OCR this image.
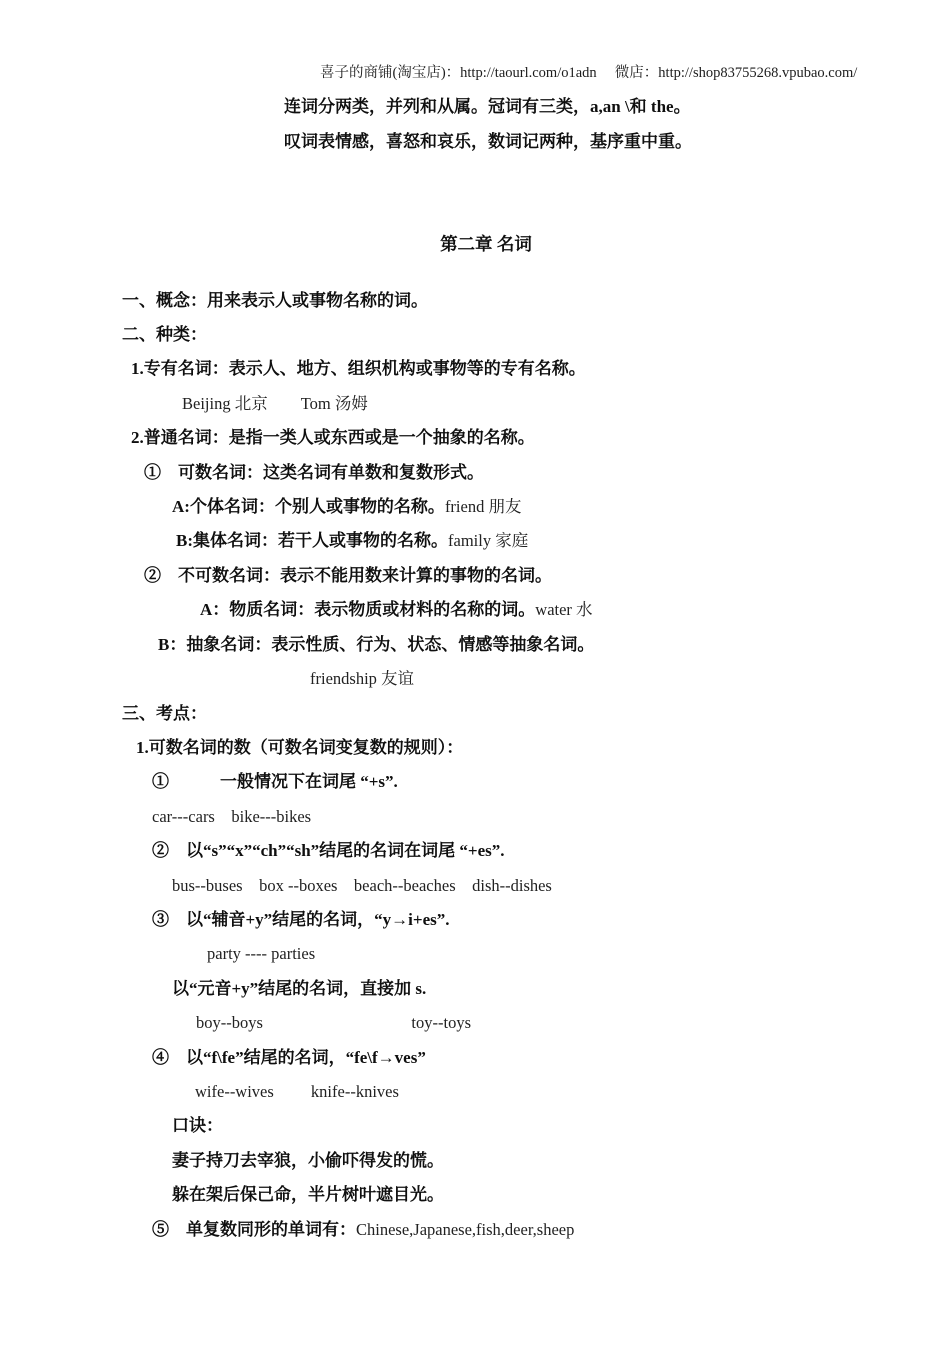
喜子的商铺(淘宝店)：http://taourl.com/o1adn　 微店：http://shop83755268.vpubao.com/

连词分两类，并列和从属。冠词有三类，a,an \和 the。

叹词表情感，喜怒和哀乐，数词记两种，基序重中重。

第二章 名词

一、概念：用来表示人或事物名称的词。

二、种类：

1.专有名词：表示人、地方、组织机构或事物等的专有名称。

Beijing 北京　　Tom 汤姆

2.普通名词：是指一类人或东西或是一个抽象的名称。

①　可数名词：这类名词有单数和复数形式。

A:个体名词：个别人或事物的名称。friend 朋友

B:集体名词：若干人或事物的名称。family 家庭

②　不可数名词：表示不能用数来计算的事物的名词。

A：物质名词：表示物质或材料的名称的词。water 水

B：抽象名词：表示性质、行为、状态、情感等抽象名词。

friendship 友谊

三、考点：

1.可数名词的数（可数名词变复数的规则）：

①　　　一般情况下在词尾 “+s”.

car---cars　bike---bikes

②　以“s”“x”“ch”“sh”结尾的名词在词尾 “+es”.

bus--buses　box --boxes　beach--beaches　dish--dishes

③　以“辅音+y”结尾的名词，“y→i+es”.

party ---- parties

以“元音+y”结尾的名词，直接加 s.

boy--boys　　　　　　　　　toy--toys

④　以“f\fe”结尾的名词，“fe\f→ves”

wife--wives　　 knife--knives

口诀：

妻子持刀去宰狼，小偷吓得发的慌。

躲在架后保己命，半片树叶遮目光。

⑤　单复数同形的单词有：Chinese,Japanese,fish,deer,sheep
